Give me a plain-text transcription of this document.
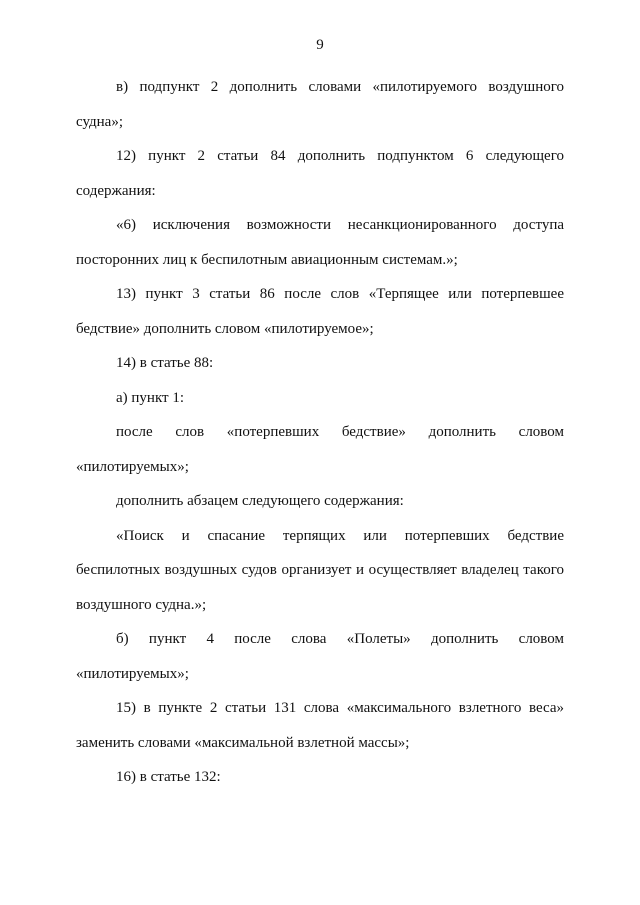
9
в) подпункт 2 дополнить словами «пилотируемого воздушного
судна»;
12) пункт 2 статьи 84 дополнить подпунктом 6 следующего
содержания:
«6) исключения возможности несанкционированного доступа
посторонних лиц к беспилотным авиационным системам.»;
13) пункт 3 статьи 86 после слов «Терпящее или потерпевшее
бедствие» дополнить словом «пилотируемое»;
14) в статье 88:
а) пункт 1:
после слов «потерпевших бедствие» дополнить словом
«пилотируемых»;
дополнить абзацем следующего содержания:
«Поиск и спасание терпящих или потерпевших бедствие
беспилотных воздушных судов организует и осуществляет владелец такого
воздушного судна.»;
б) пункт 4 после слова «Полеты» дополнить словом
«пилотируемых»;
15) в пункте 2 статьи 131 слова «максимального взлетного веса»
заменить словами «максимальной взлетной массы»;
16) в статье 132:
